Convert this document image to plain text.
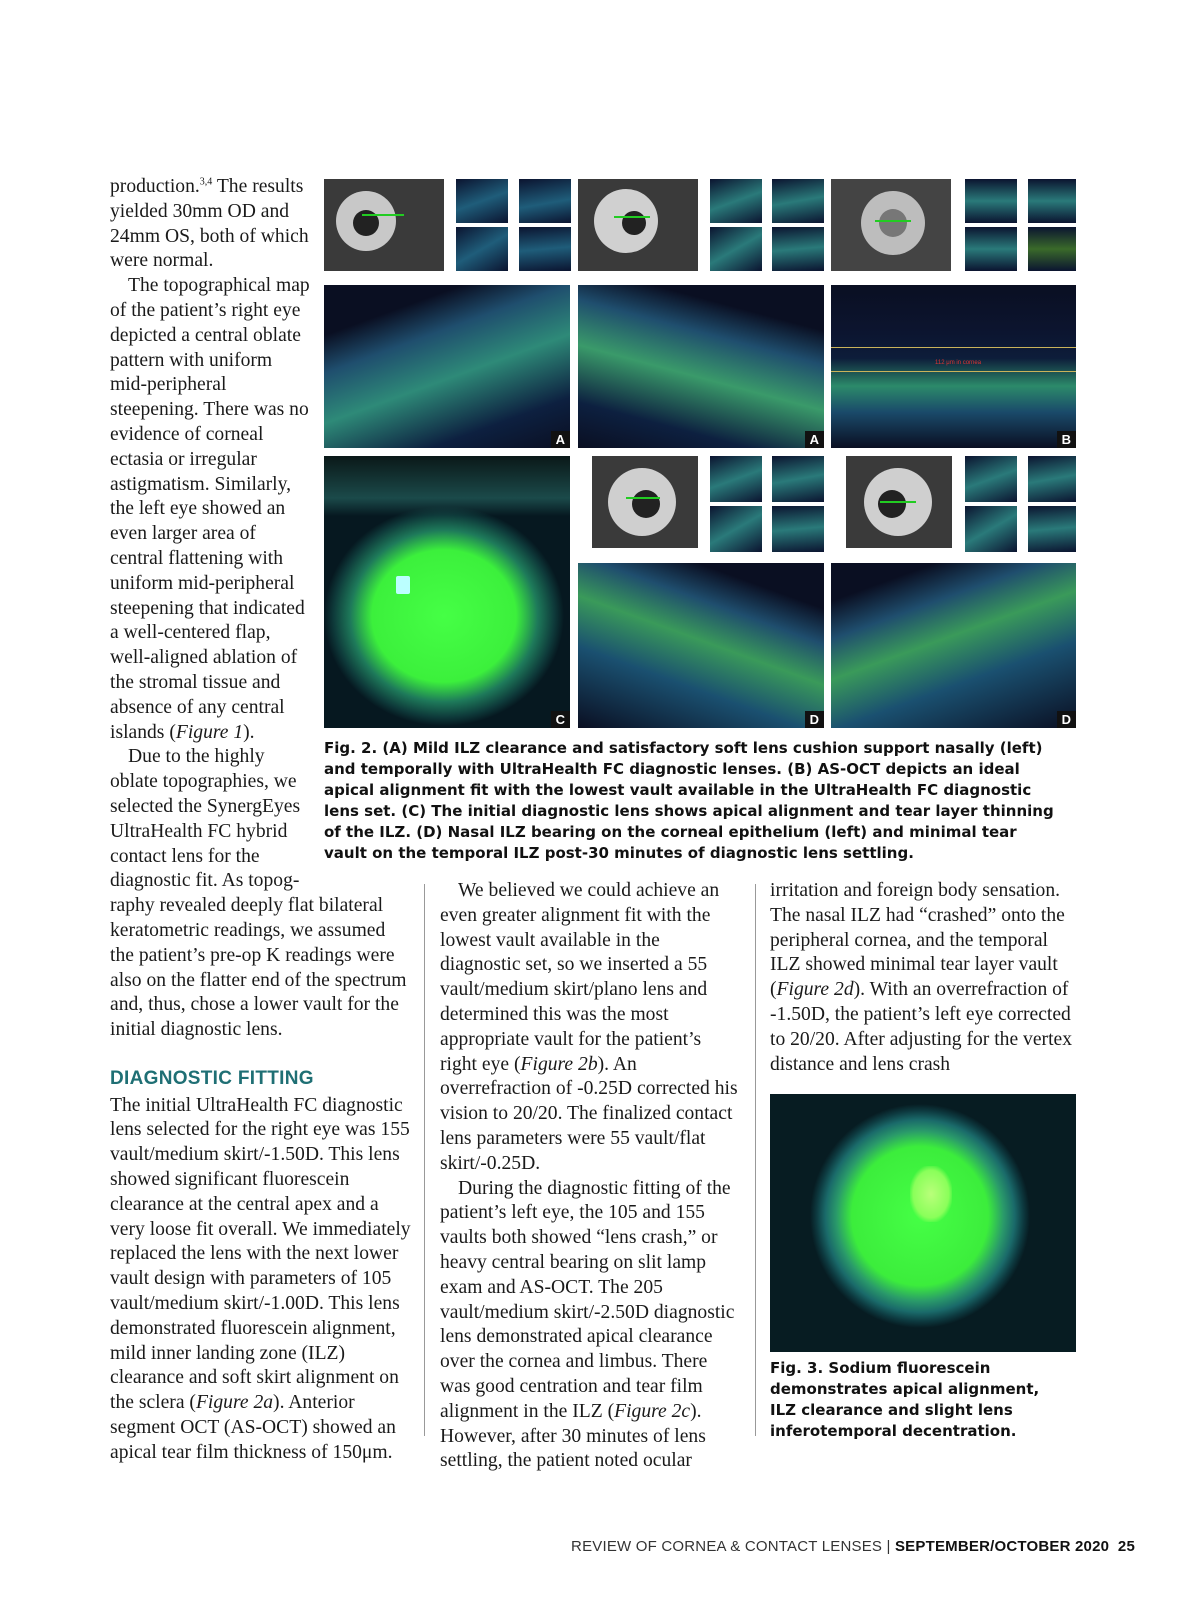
production.$^{3,4}$ The results yielded 30mm OD and 24mm OS, both of which were normal.

The topographical map of the patient’s right eye depicted a central oblate pattern with uniform mid-peripheral steepening. There was no evidence of corneal ectasia or irregular astigmatism. Similarly, the left eye showed an even larger area of central flattening with uniform mid-peripheral steepening that indicated a well-centered flap, well-aligned ablation of the stromal tissue and absence of any central islands (Figure 1).

Due to the highly oblate topographies, we selected the SynergEyes UltraHealth FC hybrid contact lens for the diagnostic fit. As topog-

raphy revealed deeply flat bilateral keratometric readings, we assumed the patient’s pre-op K readings were also on the flatter end of the spectrum and, thus, chose a lower vault for the initial diagnostic lens.

DIAGNOSTIC FITTING

The initial UltraHealth FC diagnostic lens selected for the right eye was 155 vault/medium skirt/-1.50D. This lens showed significant fluorescein clearance at the central apex and a very loose fit overall. We immediately replaced the lens with the next lower vault design with parameters of 105 vault/medium skirt/-1.00D. This lens demonstrated fluorescein alignment, mild inner landing zone (ILZ) clearance and soft skirt alignment on the sclera (Figure 2a). Anterior segment OCT (AS-OCT) showed an apical tear film thickness of 150μm.

We believed we could achieve an even greater alignment fit with the lowest vault available in the diagnostic set, so we inserted a 55 vault/medium skirt/plano lens and determined this was the most appropriate vault for the patient’s right eye (Figure 2b). An overrefraction of -0.25D corrected his vision to 20/20. The finalized contact lens parameters were 55 vault/flat skirt/-0.25D.

During the diagnostic fitting of the patient’s left eye, the 105 and 155 vaults both showed “lens crash,” or heavy central bearing on slit lamp exam and AS-OCT. The 205 vault/medium skirt/-2.50D diagnostic lens demonstrated apical clearance over the cornea and limbus. There was good centration and tear film alignment in the ILZ (Figure 2c). However, after 30 minutes of lens settling, the patient noted ocular

irritation and foreign body sensation. The nasal ILZ had “crashed” onto the peripheral cornea, and the temporal ILZ showed minimal tear layer vault (Figure 2d). With an overrefraction of -1.50D, the patient’s left eye corrected to 20/20. After adjusting for the vertex distance and lens crash

A	A
112 μm in cornea
B
C	D	D
Fig. 2. (A) Mild ILZ clearance and satisfactory soft lens cushion support nasally (left) and temporally with UltraHealth FC diagnostic lenses. (B) AS-OCT depicts an ideal apical alignment fit with the lowest vault available in the UltraHealth FC diagnostic lens set. (C) The initial diagnostic lens shows apical alignment and tear layer thinning of the ILZ. (D) Nasal ILZ bearing on the corneal epithelium (left) and minimal tear vault on the temporal ILZ post-30 minutes of diagnostic lens settling.
Fig. 3. Sodium fluorescein demonstrates apical alignment, ILZ clearance and slight lens inferotemporal decentration.
REVIEW OF CORNEA & CONTACT LENSES | SEPTEMBER/OCTOBER 2020 25
